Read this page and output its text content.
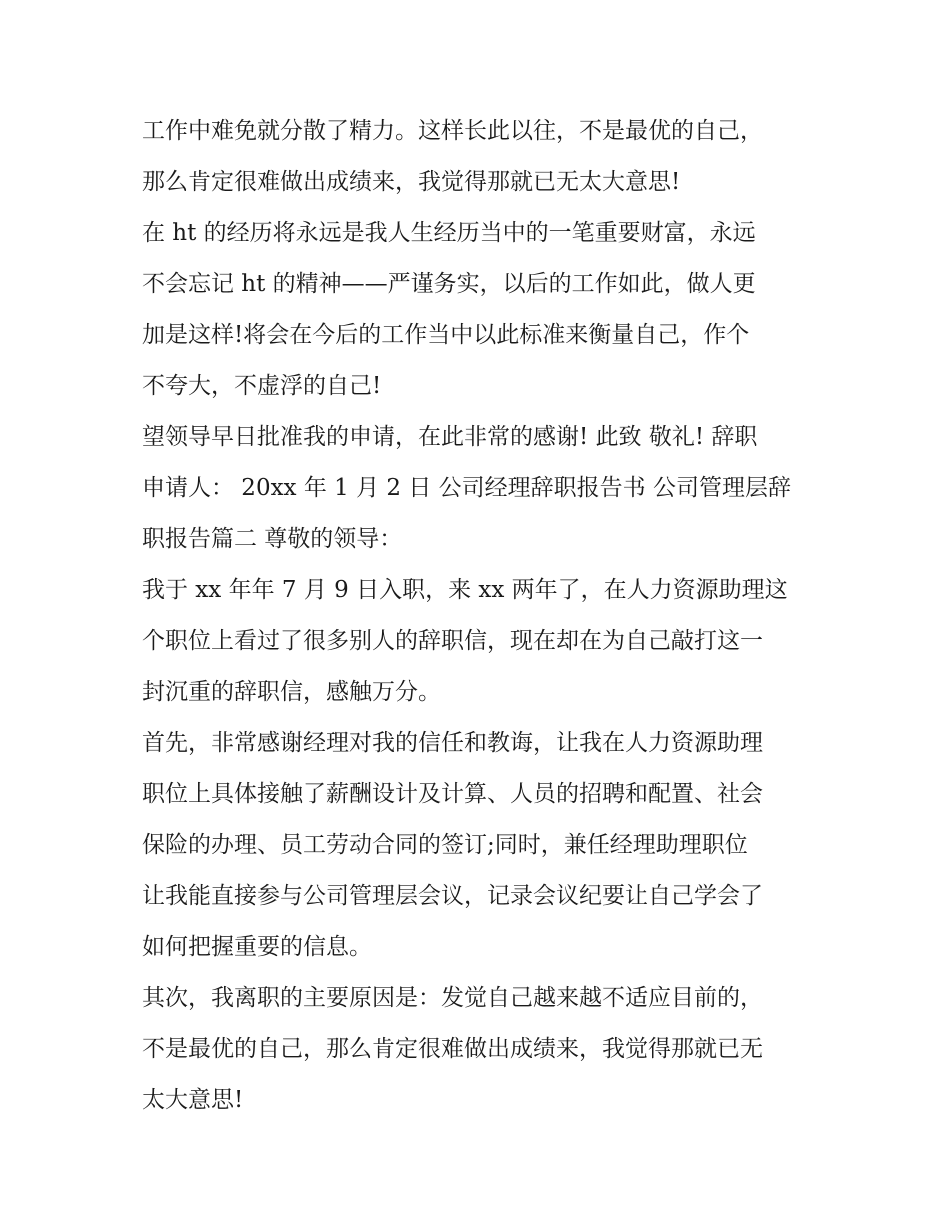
工作中难免就分散了精力。这样长此以往，不是最优的自己，
那么肯定很难做出成绩来，我觉得那就已无太大意思!
在 ht 的经历将永远是我人生经历当中的一笔重要财富，永远
不会忘记 ht 的精神——严谨务实，以后的工作如此，做人更
加是这样!将会在今后的工作当中以此标准来衡量自己，作个
不夸大，不虚浮的自己!
望领导早日批准我的申请，在此非常的感谢! 此致 敬礼! 辞职
申请人： 20xx 年 1 月 2 日 公司经理辞职报告书 公司管理层辞
职报告篇二 尊敬的领导：
我于 xx 年年 7 月 9 日入职，来 xx 两年了，在人力资源助理这
个职位上看过了很多别人的辞职信，现在却在为自己敲打这一
封沉重的辞职信，感触万分。
首先，非常感谢经理对我的信任和教诲，让我在人力资源助理
职位上具体接触了薪酬设计及计算、人员的招聘和配置、社会
保险的办理、员工劳动合同的签订;同时，兼任经理助理职位
让我能直接参与公司管理层会议，记录会议纪要让自己学会了
如何把握重要的信息。
其次，我离职的主要原因是：发觉自己越来越不适应目前的，
不是最优的自己，那么肯定很难做出成绩来，我觉得那就已无
太大意思!
